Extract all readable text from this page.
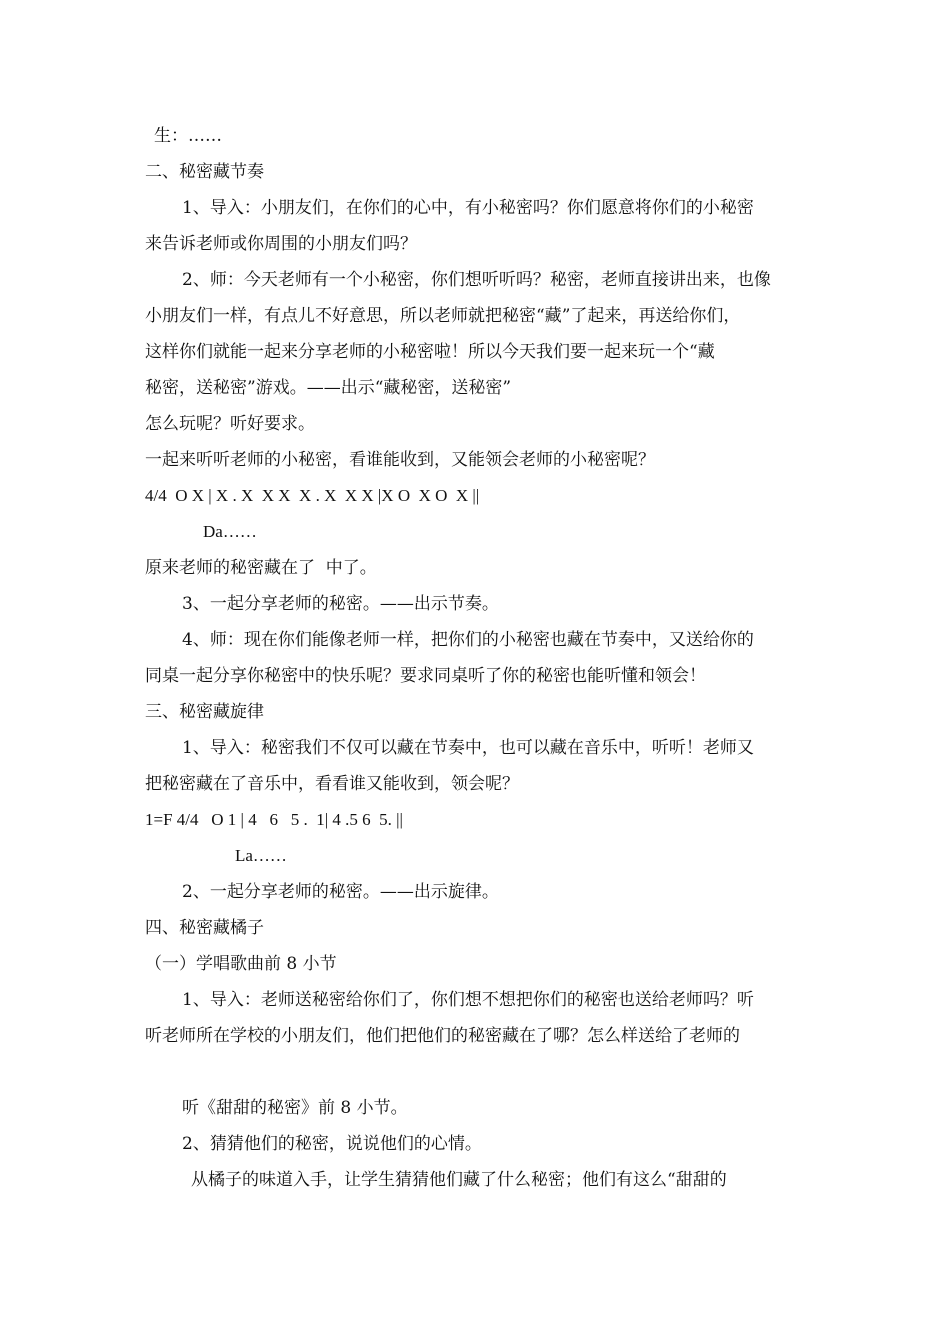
生：……
二、秘密藏节奏
1、导入：小朋友们，在你们的心中，有小秘密吗？你们愿意将你们的小秘密
来告诉老师或你周围的小朋友们吗？
2、师：今天老师有一个小秘密，你们想听听吗？秘密，老师直接讲出来，也像
小朋友们一样，有点儿不好意思，所以老师就把秘密“藏”了起来，再送给你们，
这样你们就能一起来分享老师的小秘密啦！所以今天我们要一起来玩一个“藏
秘密，送秘密”游戏。——出示“藏秘密，送秘密”
怎么玩呢？听好要求。
一起来听听老师的小秘密，看谁能收到，又能领会老师的小秘密呢？
4/4  O X | X . X  X X  X . X  X X |X O  X O  X ||
Da……
原来老师的秘密藏在了  中了。
3、一起分享老师的秘密。——出示节奏。
4、师：现在你们能像老师一样，把你们的小秘密也藏在节奏中，又送给你的
同桌一起分享你秘密中的快乐呢？要求同桌听了你的秘密也能听懂和领会！
三、秘密藏旋律
1、导入：秘密我们不仅可以藏在节奏中，也可以藏在音乐中，听听！老师又
把秘密藏在了音乐中，看看谁又能收到，领会呢？
1=F 4/4   O 1 | 4   6   5 .  1| 4 .5 6  5. ||
La……
2、一起分享老师的秘密。——出示旋律。
四、秘密藏橘子
（一）学唱歌曲前 8 小节
1、导入：老师送秘密给你们了，你们想不想把你们的秘密也送给老师吗？听
听老师所在学校的小朋友们，他们把他们的秘密藏在了哪？怎么样送给了老师的
听《甜甜的秘密》前 8 小节。
2、猜猜他们的秘密，说说他们的心情。
从橘子的味道入手，让学生猜猜他们藏了什么秘密；他们有这么“甜甜的
